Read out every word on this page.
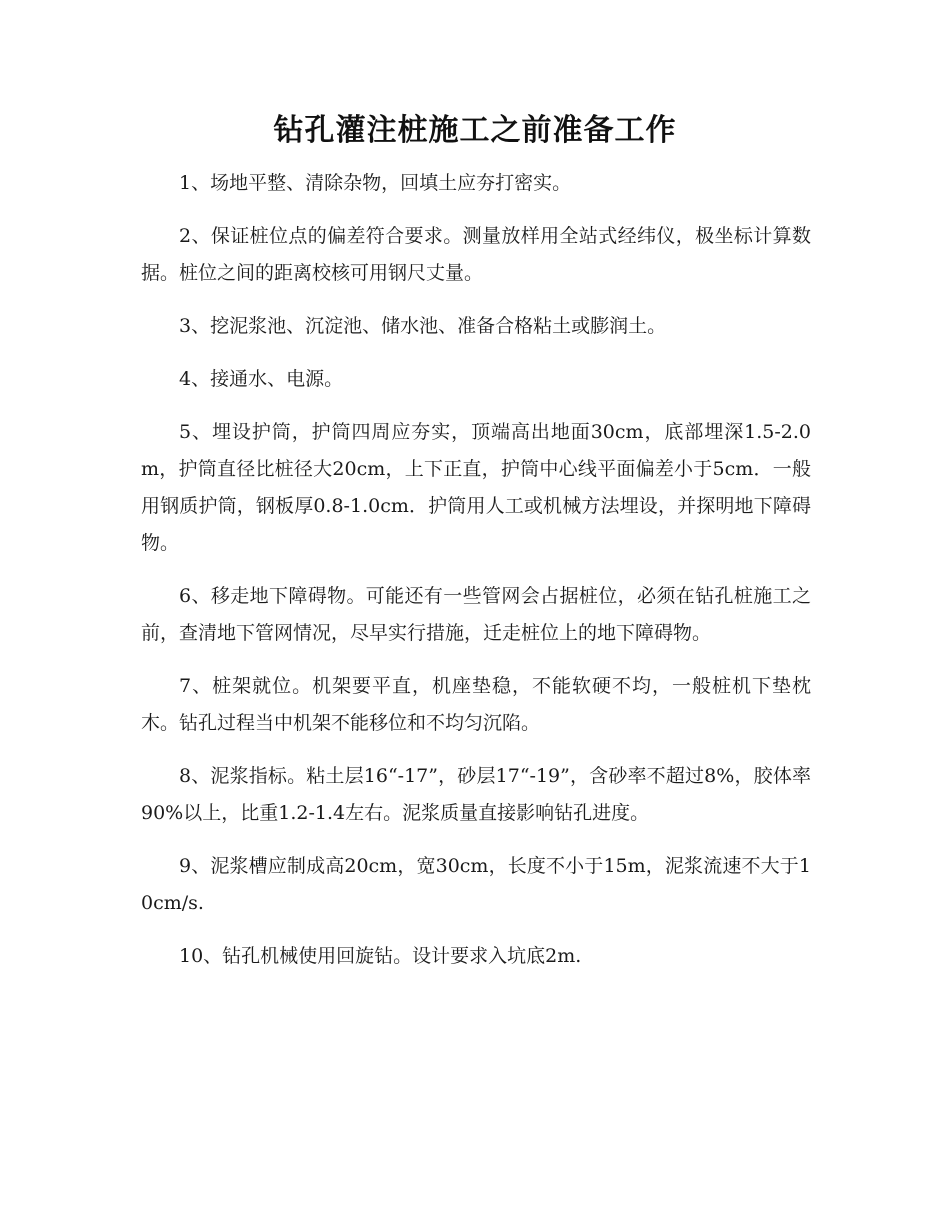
钻孔灌注桩施工之前准备工作

1、场地平整、清除杂物，回填土应夯打密实。

2、保证桩位点的偏差符合要求。测量放样用全站式经纬仪，极坐标计算数据。桩位之间的距离校核可用钢尺丈量。

3、挖泥浆池、沉淀池、储水池、准备合格粘土或膨润土。

4、接通水、电源。

5、埋设护筒，护筒四周应夯实，顶端高出地面30cm，底部埋深1.5-2.0m，护筒直径比桩径大20cm，上下正直，护筒中心线平面偏差小于5cm．一般用钢质护筒，钢板厚0.8-1.0cm．护筒用人工或机械方法埋设，并探明地下障碍物。

6、移走地下障碍物。可能还有一些管网会占据桩位，必须在钻孔桩施工之前，查清地下管网情况，尽早实行措施，迁走桩位上的地下障碍物。

7、桩架就位。机架要平直，机座垫稳，不能软硬不均，一般桩机下垫枕木。钻孔过程当中机架不能移位和不均匀沉陷。

8、泥浆指标。粘土层16“-17”，砂层17“-19”，含砂率不超过8%，胶体率90%以上，比重1.2-1.4左右。泥浆质量直接影响钻孔进度。

9、泥浆槽应制成高20cm，宽30cm，长度不小于15m，泥浆流速不大于10cm/s.

10、钻孔机械使用回旋钻。设计要求入坑底2m.
